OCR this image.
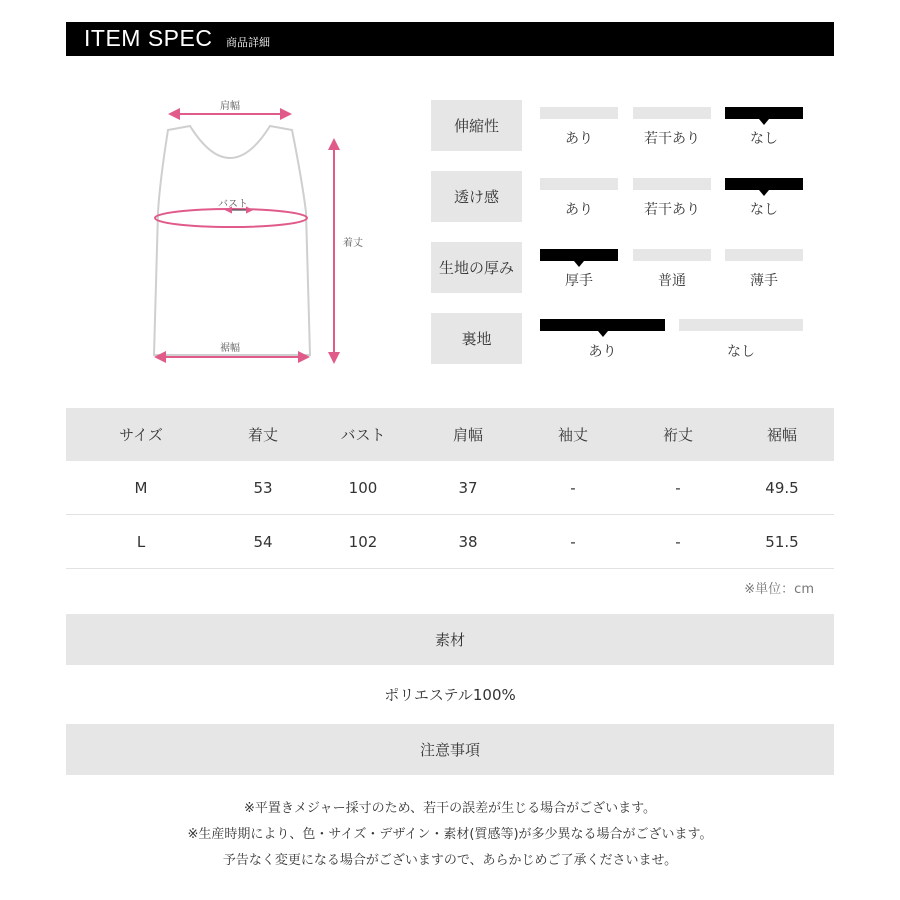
ITEM SPEC 商品詳細
肩幅
バスト
着丈
裾幅
伸縮性
あり	若干あり	なし
透け感
あり	若干あり	なし
生地の厚み
厚手	普通	薄手
裏地
あり	なし
サイズ	着丈	バスト	肩幅	袖丈	裄丈	裾幅
M	53	100	37	-	-	49.5
L	54	102	38	-	-	51.5
※単位：cm
素材
ポリエステル100%
注意事項
※平置きメジャー採寸のため、若干の誤差が生じる場合がございます。
※生産時期により、色・サイズ・デザイン・素材(質感等)が多少異なる場合がございます。
予告なく変更になる場合がございますので、あらかじめご了承くださいませ。
